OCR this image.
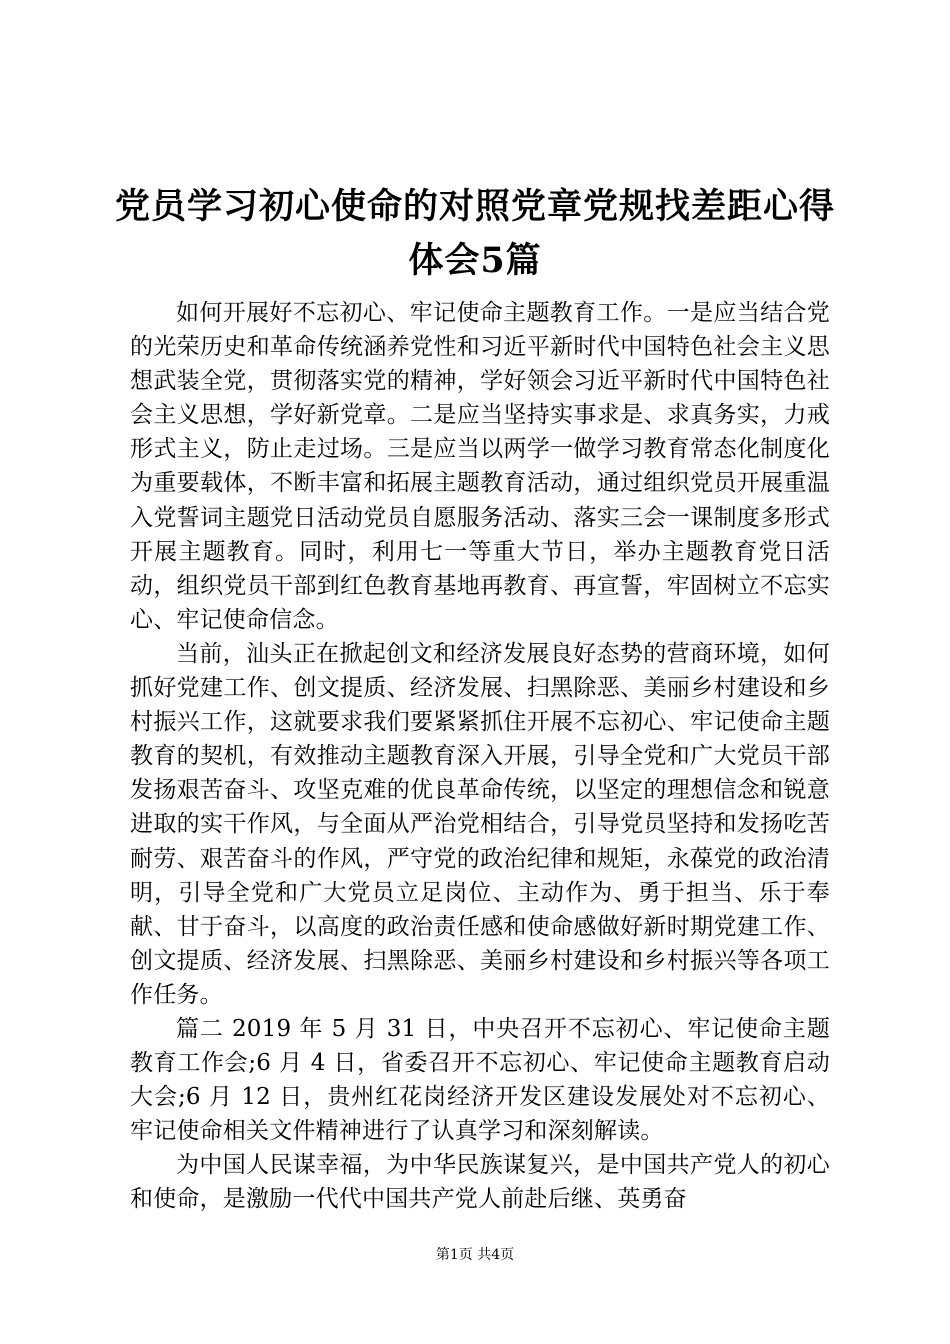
党员学习初心使命的对照党章党规找差距心得
体会5篇

如何开展好不忘初心、牢记使命主题教育工作。一是应当结合党的光荣历史和革命传统涵养党性和习近平新时代中国特色社会主义思想武装全党，贯彻落实党的精神，学好领会习近平新时代中国特色社会主义思想，学好新党章。二是应当坚持实事求是、求真务实，力戒形式主义，防止走过场。三是应当以两学一做学习教育常态化制度化为重要载体，不断丰富和拓展主题教育活动，通过组织党员开展重温入党誓词主题党日活动党员自愿服务活动、落实三会一课制度多形式开展主题教育。同时，利用七一等重大节日，举办主题教育党日活动，组织党员干部到红色教育基地再教育、再宣誓，牢固树立不忘实心、牢记使命信念。

当前，汕头正在掀起创文和经济发展良好态势的营商环境，如何抓好党建工作、创文提质、经济发展、扫黑除恶、美丽乡村建设和乡村振兴工作，这就要求我们要紧紧抓住开展不忘初心、牢记使命主题教育的契机，有效推动主题教育深入开展，引导全党和广大党员干部发扬艰苦奋斗、攻坚克难的优良革命传统，以坚定的理想信念和锐意进取的实干作风，与全面从严治党相结合，引导党员坚持和发扬吃苦耐劳、艰苦奋斗的作风，严守党的政治纪律和规矩，永葆党的政治清明，引导全党和广大党员立足岗位、主动作为、勇于担当、乐于奉献、甘于奋斗，以高度的政治责任感和使命感做好新时期党建工作、创文提质、经济发展、扫黑除恶、美丽乡村建设和乡村振兴等各项工作任务。

篇二 2019 年 5 月 31 日，中央召开不忘初心、牢记使命主题教育工作会;6 月 4 日，省委召开不忘初心、牢记使命主题教育启动大会;6 月 12 日，贵州红花岗经济开发区建设发展处对不忘初心、牢记使命相关文件精神进行了认真学习和深刻解读。

为中国人民谋幸福，为中华民族谋复兴，是中国共产党人的初心和使命，是激励一代代中国共产党人前赴后继、英勇奋

第1页 共4页
